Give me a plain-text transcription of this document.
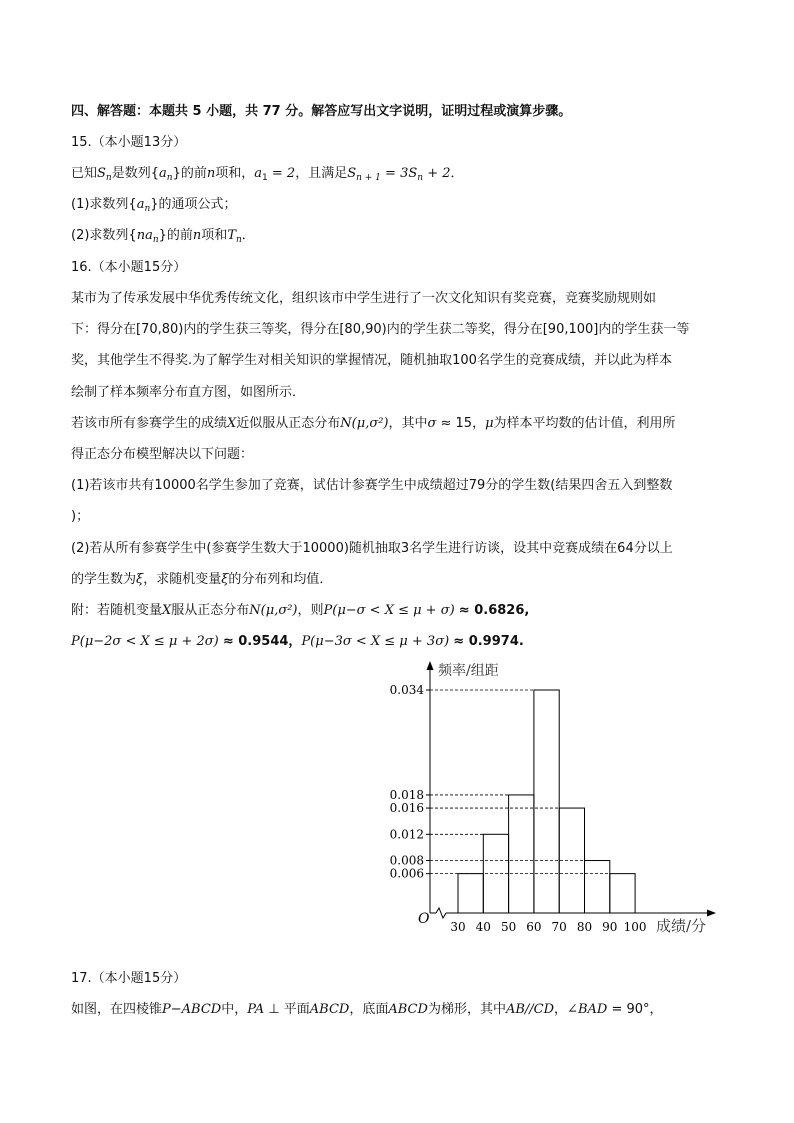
四、解答题：本题共 5 小题，共 77 分。解答应写出文字说明，证明过程或演算步骤。
15.（本小题13分）
已知$S_n$是数列$\{a_n\}$的前n项和，$a_1 = 2$，且满足$S_{n + 1} = 3S_n + 2$．
(1)求数列$\{a_n\}$的通项公式；
(2)求数列$\{na_n\}$的前n项和$T_n$．
16.（本小题15分）
某市为了传承发展中华优秀传统文化，组织该市中学生进行了一次文化知识有奖竞赛，竞赛奖励规则如
下：得分在[70,80)内的学生获三等奖，得分在[80,90)内的学生获二等奖，得分在[90,100]内的学生获一等
奖，其他学生不得奖.为了解学生对相关知识的掌握情况，随机抽取100名学生的竞赛成绩，并以此为样本
绘制了样本频率分布直方图，如图所示．
若该市所有参赛学生的成绩X近似服从正态分布N(μ,σ²)，其中σ ≈ 15，μ为样本平均数的估计值，利用所
得正态分布模型解决以下问题：
(1)若该市共有10000名学生参加了竞赛，试估计参赛学生中成绩超过79分的学生数(结果四舍五入到整数
)；
(2)若从所有参赛学生中(参赛学生数大于10000)随机抽取3名学生进行访谈，设其中竞赛成绩在64分以上
的学生数为ξ，求随机变量ξ的分布列和均值．
附：若随机变量X服从正态分布N(μ,σ²)，则P(μ−σ < X ≤ μ + σ) ≈ 0.6826,
P(μ−2σ < X ≤ μ + 2σ) ≈ 0.9544，P(μ−3σ < X ≤ μ + 3σ) ≈ 0.9974.
O
频率/组距
成绩/分
0.034
0.018
0.016
0.012
0.008
0.006
30 40 50 60 70 80 90 100
17.（本小题15分）
如图，在四棱锥P−ABCD中，PA ⊥ 平面ABCD，底面ABCD为梯形，其中AB//CD，∠BAD = 90°，
